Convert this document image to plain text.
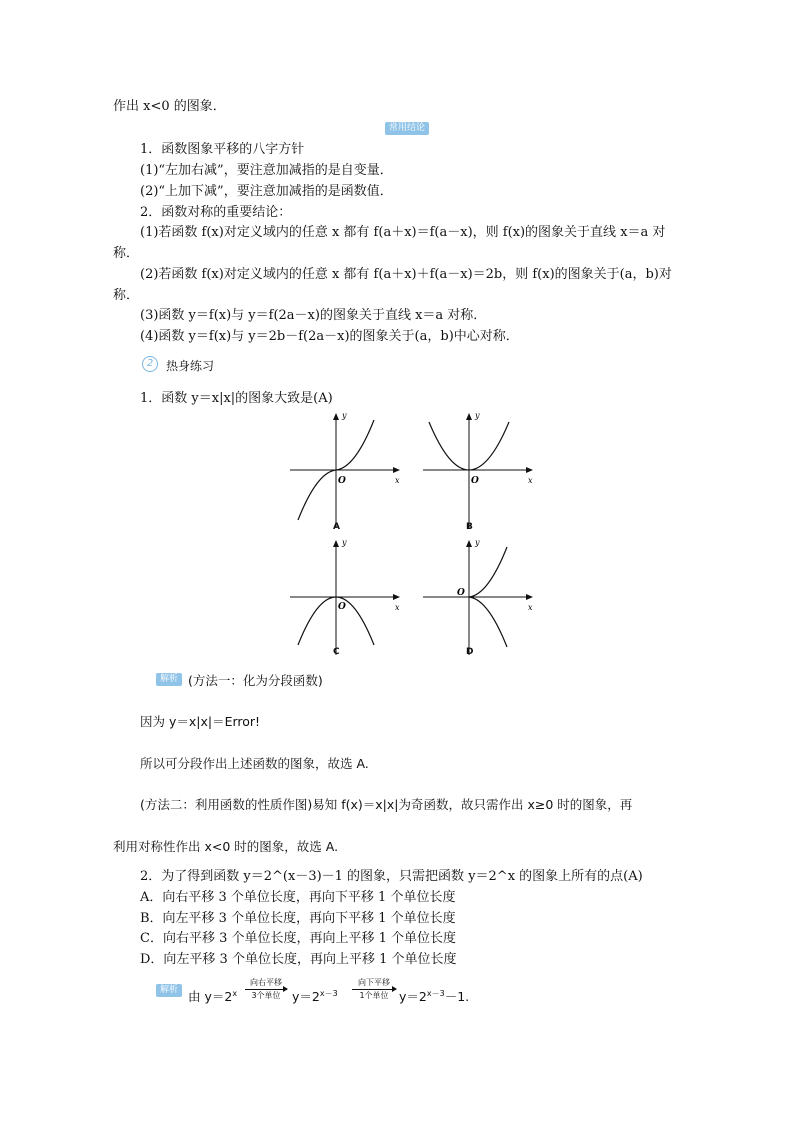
作出 x<0 的图象．
常用结论
1．函数图象平移的八字方针
(1)“左加右减”，要注意加减指的是自变量．
(2)“上加下减”，要注意加减指的是函数值．
2．函数对称的重要结论：
(1)若函数 f(x)对定义域内的任意 x 都有 f(a＋x)＝f(a－x)，则 f(x)的图象关于直线 x＝a 对
称．
(2)若函数 f(x)对定义域内的任意 x 都有 f(a＋x)＋f(a－x)＝2b，则 f(x)的图象关于(a，b)对
称．
(3)函数 y＝f(x)与 y＝f(2a－x)的图象关于直线 x＝a 对称．
(4)函数 y＝f(x)与 y＝2b－f(2a－x)的图象关于(a，b)中心对称．
2	热身练习
1．函数 y＝x|x|的图象大致是(A)
y
x
O
A
y
x
O
B
y
x
O
C
y
x
O
D
解析 (方法一：化为分段函数)
因为 y＝x|x|＝Error!
所以可分段作出上述函数的图象，故选 A.
(方法二：利用函数的性质作图)易知 f(x)＝x|x|为奇函数，故只需作出 x≥0 时的图象，再
利用对称性作出 x<0 时的图象，故选 A.
2．为了得到函数 y＝2^(x－3)－1 的图象，只需把函数 y＝2^x 的图象上所有的点(A)
A．向右平移 3 个单位长度，再向下平移 1 个单位长度
B．向左平移 3 个单位长度，再向下平移 1 个单位长度
C．向右平移 3 个单位长度，再向上平移 1 个单位长度
D．向左平移 3 个单位长度，再向上平移 1 个单位长度
解析 由 $y=2^x$
向右平移
3个单位 $y=2^{x-3}$
向下平移
1个单位 $y=2^{x-3}-1$.
